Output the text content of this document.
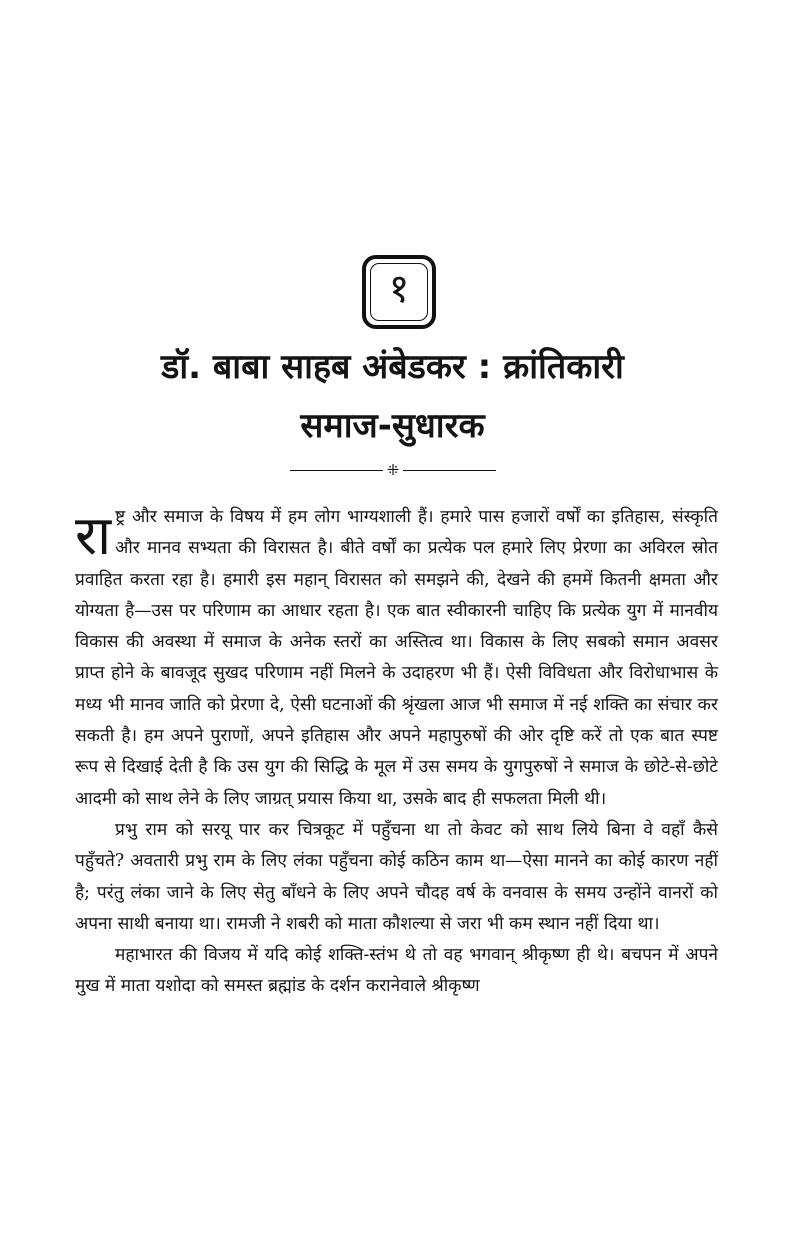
१
डॉ. बाबा साहब अंबेडकर : क्रांतिकारी
समाज-सुधारक
⁜

राष्ट्र और समाज के विषय में हम लोग भाग्यशाली हैं। हमारे पास हजारों वर्षों का इतिहास, संस्कृति और मानव सभ्यता की विरासत है। बीते वर्षों का प्रत्येक पल हमारे लिए प्रेरणा का अविरल स्रोत प्रवाहित करता रहा है। हमारी इस महान् विरासत को समझने की, देखने की हममें कितनी क्षमता और योग्यता है—उस पर परिणाम का आधार रहता है। एक बात स्वीकारनी चाहिए कि प्रत्येक युग में मानवीय विकास की अवस्था में समाज के अनेक स्तरों का अस्तित्व था। विकास के लिए सबको समान अवसर प्राप्त होने के बावजूद सुखद परिणाम नहीं मिलने के उदाहरण भी हैं। ऐसी विविधता और विरोधाभास के मध्य भी मानव जाति को प्रेरणा दे, ऐसी घटनाओं की श्रृंखला आज भी समाज में नई शक्ति का संचार कर सकती है। हम अपने पुराणों, अपने इतिहास और अपने महापुरुषों की ओर दृष्टि करें तो एक बात स्पष्ट रूप से दिखाई देती है कि उस युग की सिद्धि के मूल में उस समय के युगपुरुषों ने समाज के छोटे-से-छोटे आदमी को साथ लेने के लिए जाग्रत् प्रयास किया था, उसके बाद ही सफलता मिली थी।

प्रभु राम को सरयू पार कर चित्रकूट में पहुँचना था तो केवट को साथ लिये बिना वे वहाँ कैसे पहुँचते? अवतारी प्रभु राम के लिए लंका पहुँचना कोई कठिन काम था—ऐसा मानने का कोई कारण नहीं है; परंतु लंका जाने के लिए सेतु बाँधने के लिए अपने चौदह वर्ष के वनवास के समय उन्होंने वानरों को अपना साथी बनाया था। रामजी ने शबरी को माता कौशल्या से जरा भी कम स्थान नहीं दिया था।

महाभारत की विजय में यदि कोई शक्ति-स्तंभ थे तो वह भगवान् श्रीकृष्ण ही थे। बचपन में अपने मुख में माता यशोदा को समस्त ब्रह्मांड के दर्शन करानेवाले श्रीकृष्ण
